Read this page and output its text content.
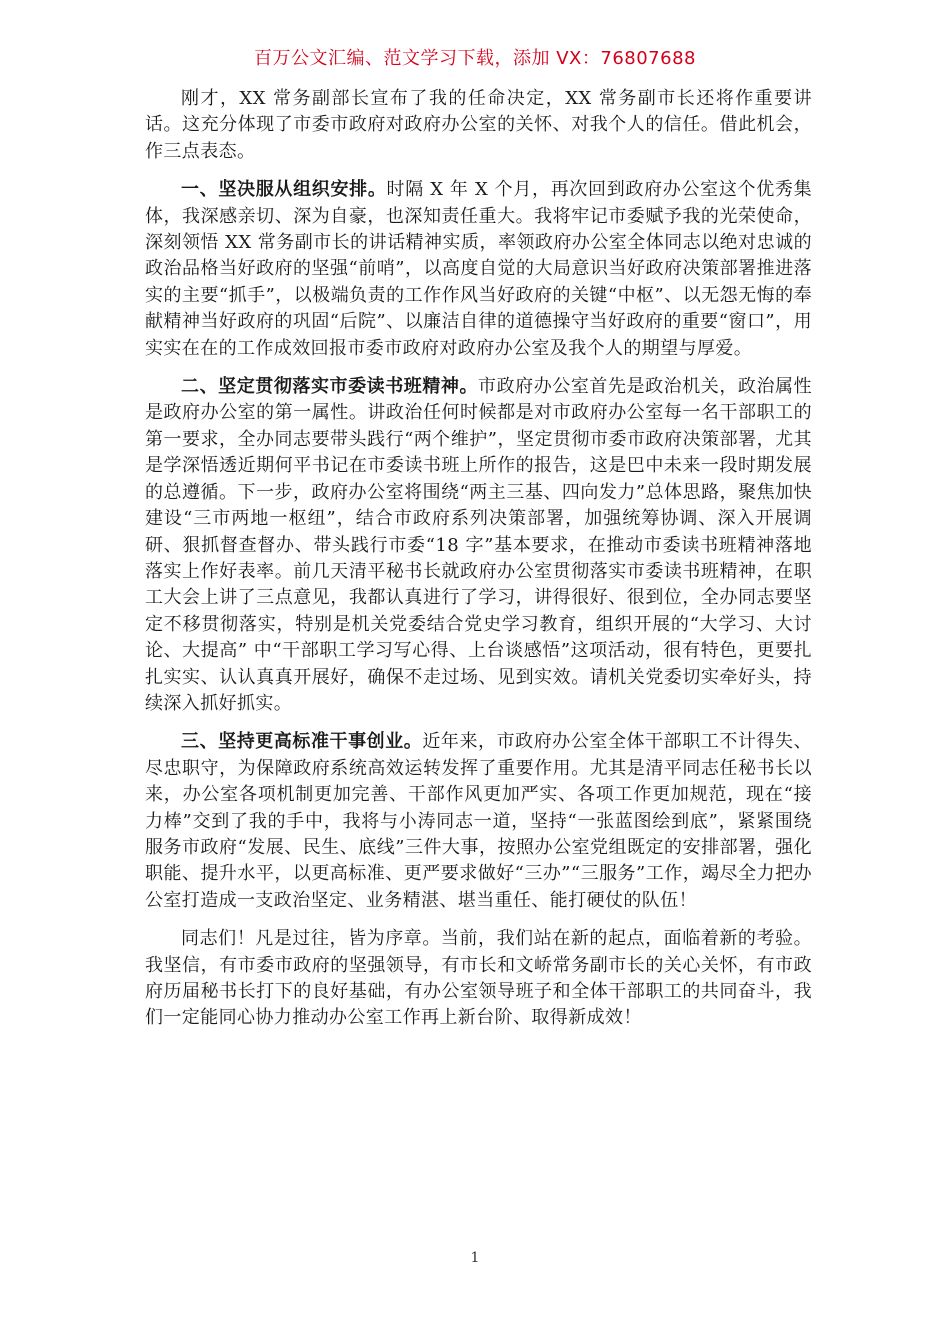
百万公文汇编、范文学习下载，添加 VX：76807688

刚才，XX 常务副部长宣布了我的任命决定，XX 常务副市长还将作重要讲话。这充分体现了市委市政府对政府办公室的关怀、对我个人的信任。借此机会，作三点表态。

一、坚决服从组织安排。时隔 X 年 X 个月，再次回到政府办公室这个优秀集体，我深感亲切、深为自豪，也深知责任重大。我将牢记市委赋予我的光荣使命，深刻领悟 XX 常务副市长的讲话精神实质，率领政府办公室全体同志以绝对忠诚的政治品格当好政府的坚强“前哨”，以高度自觉的大局意识当好政府决策部署推进落实的主要“抓手”，以极端负责的工作作风当好政府的关键“中枢”、以无怨无悔的奉献精神当好政府的巩固“后院”、以廉洁自律的道德操守当好政府的重要“窗口”，用实实在在的工作成效回报市委市政府对政府办公室及我个人的期望与厚爱。

二、坚定贯彻落实市委读书班精神。市政府办公室首先是政治机关，政治属性是政府办公室的第一属性。讲政治任何时候都是对市政府办公室每一名干部职工的第一要求，全办同志要带头践行“两个维护”，坚定贯彻市委市政府决策部署，尤其是学深悟透近期何平书记在市委读书班上所作的报告，这是巴中未来一段时期发展的总遵循。下一步，政府办公室将围绕“两主三基、四向发力”总体思路，聚焦加快建设“三市两地一枢纽”，结合市政府系列决策部署，加强统筹协调、深入开展调研、狠抓督查督办、带头践行市委“18 字”基本要求，在推动市委读书班精神落地落实上作好表率。前几天清平秘书长就政府办公室贯彻落实市委读书班精神，在职工大会上讲了三点意见，我都认真进行了学习，讲得很好、很到位，全办同志要坚定不移贯彻落实，特别是机关党委结合党史学习教育，组织开展的“大学习、大讨论、大提高” 中“干部职工学习写心得、上台谈感悟”这项活动，很有特色，更要扎扎实实、认认真真开展好，确保不走过场、见到实效。请机关党委切实牵好头，持续深入抓好抓实。

三、坚持更高标准干事创业。近年来，市政府办公室全体干部职工不计得失、尽忠职守，为保障政府系统高效运转发挥了重要作用。尤其是清平同志任秘书长以来，办公室各项机制更加完善、干部作风更加严实、各项工作更加规范，现在“接力棒”交到了我的手中，我将与小涛同志一道，坚持“一张蓝图绘到底”，紧紧围绕服务市政府“发展、民生、底线”三件大事，按照办公室党组既定的安排部署，强化职能、提升水平，以更高标准、更严要求做好“三办”“三服务”工作，竭尽全力把办公室打造成一支政治坚定、业务精湛、堪当重任、能打硬仗的队伍！

同志们！凡是过往，皆为序章。当前，我们站在新的起点，面临着新的考验。我坚信，有市委市政府的坚强领导，有市长和文峤常务副市长的关心关怀，有市政府历届秘书长打下的良好基础，有办公室领导班子和全体干部职工的共同奋斗，我们一定能同心协力推动办公室工作再上新台阶、取得新成效！

1
